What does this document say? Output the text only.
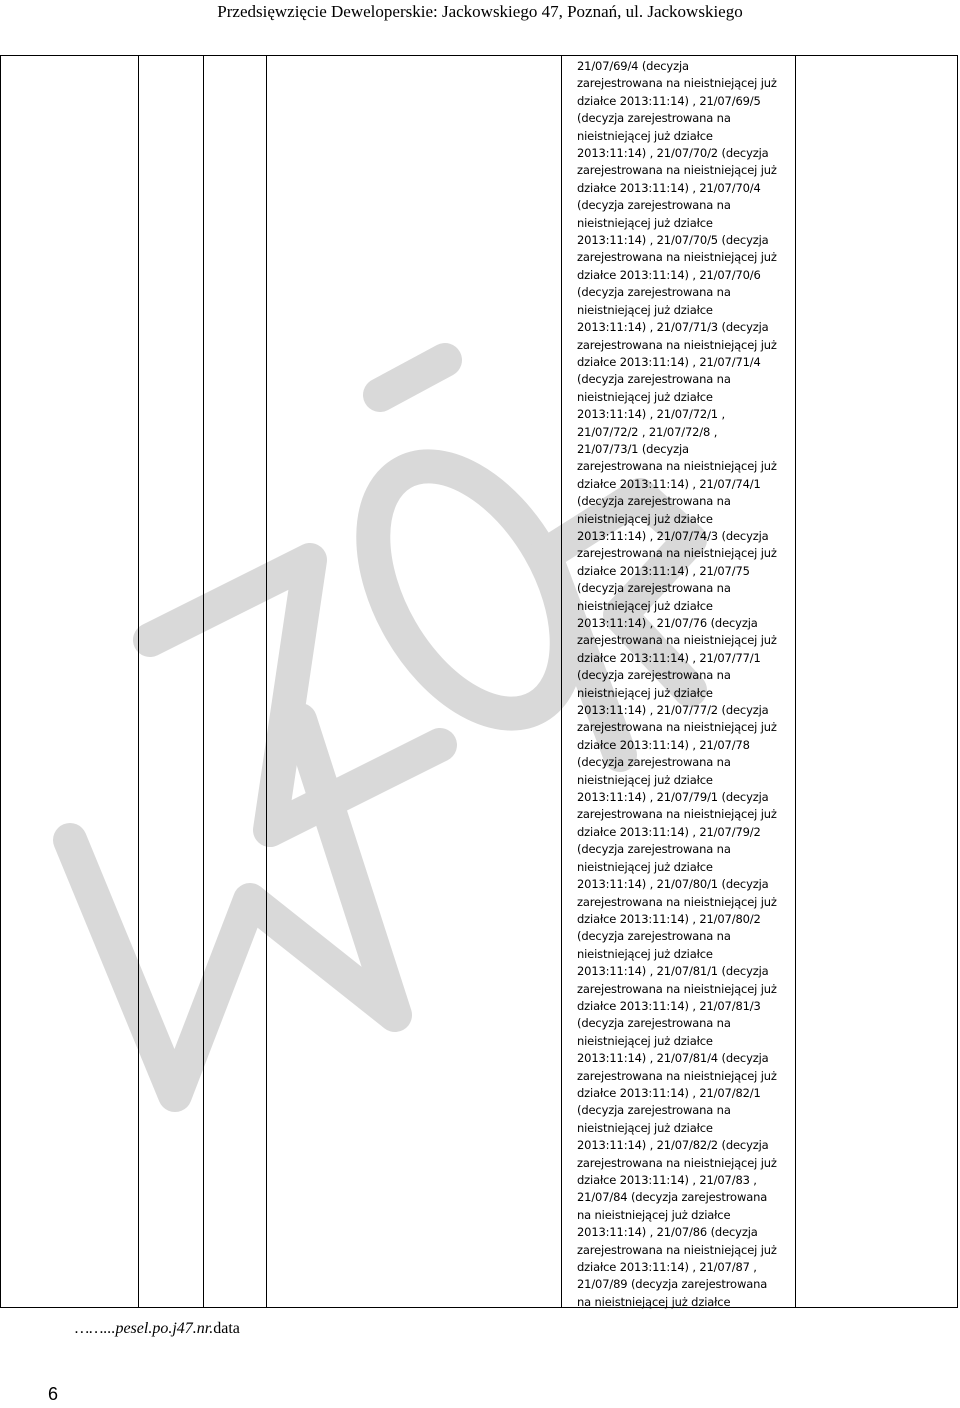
Przedsięwzięcie Deweloperskie: Jackowskiego 47, Poznań, ul. Jackowskiego
21/07/69/4 (decyzja
zarejestrowana na nieistniejącej już
działce 2013:11:14) , 21/07/69/5
(decyzja zarejestrowana na
nieistniejącej już działce
2013:11:14) , 21/07/70/2 (decyzja
zarejestrowana na nieistniejącej już
działce 2013:11:14) , 21/07/70/4
(decyzja zarejestrowana na
nieistniejącej już działce
2013:11:14) , 21/07/70/5 (decyzja
zarejestrowana na nieistniejącej już
działce 2013:11:14) , 21/07/70/6
(decyzja zarejestrowana na
nieistniejącej już działce
2013:11:14) , 21/07/71/3 (decyzja
zarejestrowana na nieistniejącej już
działce 2013:11:14) , 21/07/71/4
(decyzja zarejestrowana na
nieistniejącej już działce
2013:11:14) , 21/07/72/1 ,
21/07/72/2 , 21/07/72/8 ,
21/07/73/1 (decyzja
zarejestrowana na nieistniejącej już
działce 2013:11:14) , 21/07/74/1
(decyzja zarejestrowana na
nieistniejącej już działce
2013:11:14) , 21/07/74/3 (decyzja
zarejestrowana na nieistniejącej już
działce 2013:11:14) , 21/07/75
(decyzja zarejestrowana na
nieistniejącej już działce
2013:11:14) , 21/07/76 (decyzja
zarejestrowana na nieistniejącej już
działce 2013:11:14) , 21/07/77/1
(decyzja zarejestrowana na
nieistniejącej już działce
2013:11:14) , 21/07/77/2 (decyzja
zarejestrowana na nieistniejącej już
działce 2013:11:14) , 21/07/78
(decyzja zarejestrowana na
nieistniejącej już działce
2013:11:14) , 21/07/79/1 (decyzja
zarejestrowana na nieistniejącej już
działce 2013:11:14) , 21/07/79/2
(decyzja zarejestrowana na
nieistniejącej już działce
2013:11:14) , 21/07/80/1 (decyzja
zarejestrowana na nieistniejącej już
działce 2013:11:14) , 21/07/80/2
(decyzja zarejestrowana na
nieistniejącej już działce
2013:11:14) , 21/07/81/1 (decyzja
zarejestrowana na nieistniejącej już
działce 2013:11:14) , 21/07/81/3
(decyzja zarejestrowana na
nieistniejącej już działce
2013:11:14) , 21/07/81/4 (decyzja
zarejestrowana na nieistniejącej już
działce 2013:11:14) , 21/07/82/1
(decyzja zarejestrowana na
nieistniejącej już działce
2013:11:14) , 21/07/82/2 (decyzja
zarejestrowana na nieistniejącej już
działce 2013:11:14) , 21/07/83 ,
21/07/84 (decyzja zarejestrowana
na nieistniejącej już działce
2013:11:14) , 21/07/86 (decyzja
zarejestrowana na nieistniejącej już
działce 2013:11:14) , 21/07/87 ,
21/07/89 (decyzja zarejestrowana
na nieistniejącej już działce
……...pesel.po.j47.nr.data
6
